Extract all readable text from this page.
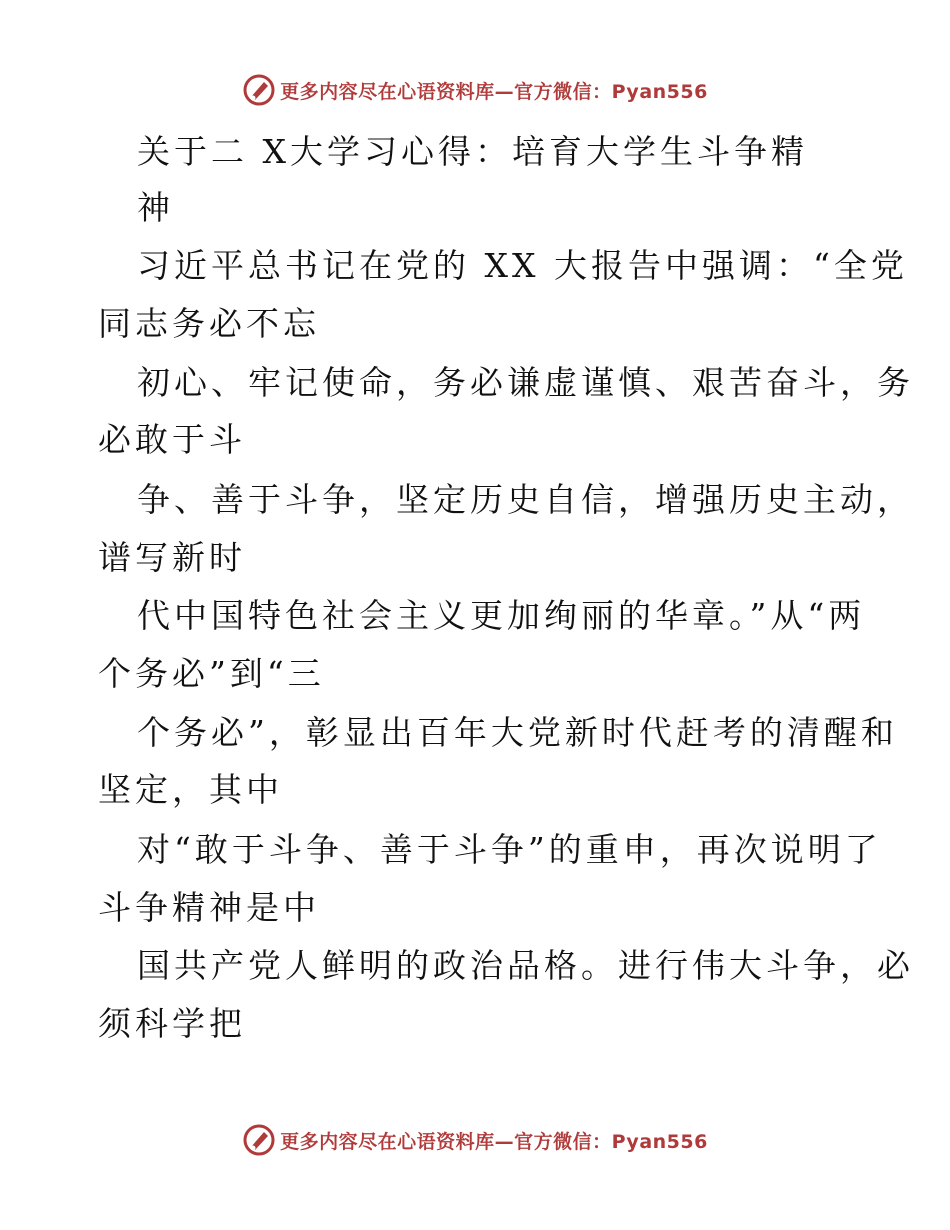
更多内容尽在心语资料库—官方微信：Pyan556
关于二 X大学习心得：培育大学生斗争精
神
习近平总书记在党的 XX 大报告中强调：“全党
同志务必不忘
初心、牢记使命，务必谦虚谨慎、艰苦奋斗，务
必敢于斗
争、善于斗争，坚定历史自信，增强历史主动，
谱写新时
代中国特色社会主义更加绚丽的华章。”从“两
个务必”到“三
个务必”，彰显出百年大党新时代赶考的清醒和
坚定，其中
对“敢于斗争、善于斗争”的重申，再次说明了
斗争精神是中
国共产党人鲜明的政治品格。进行伟大斗争，必
须科学把
更多内容尽在心语资料库—官方微信：Pyan556
